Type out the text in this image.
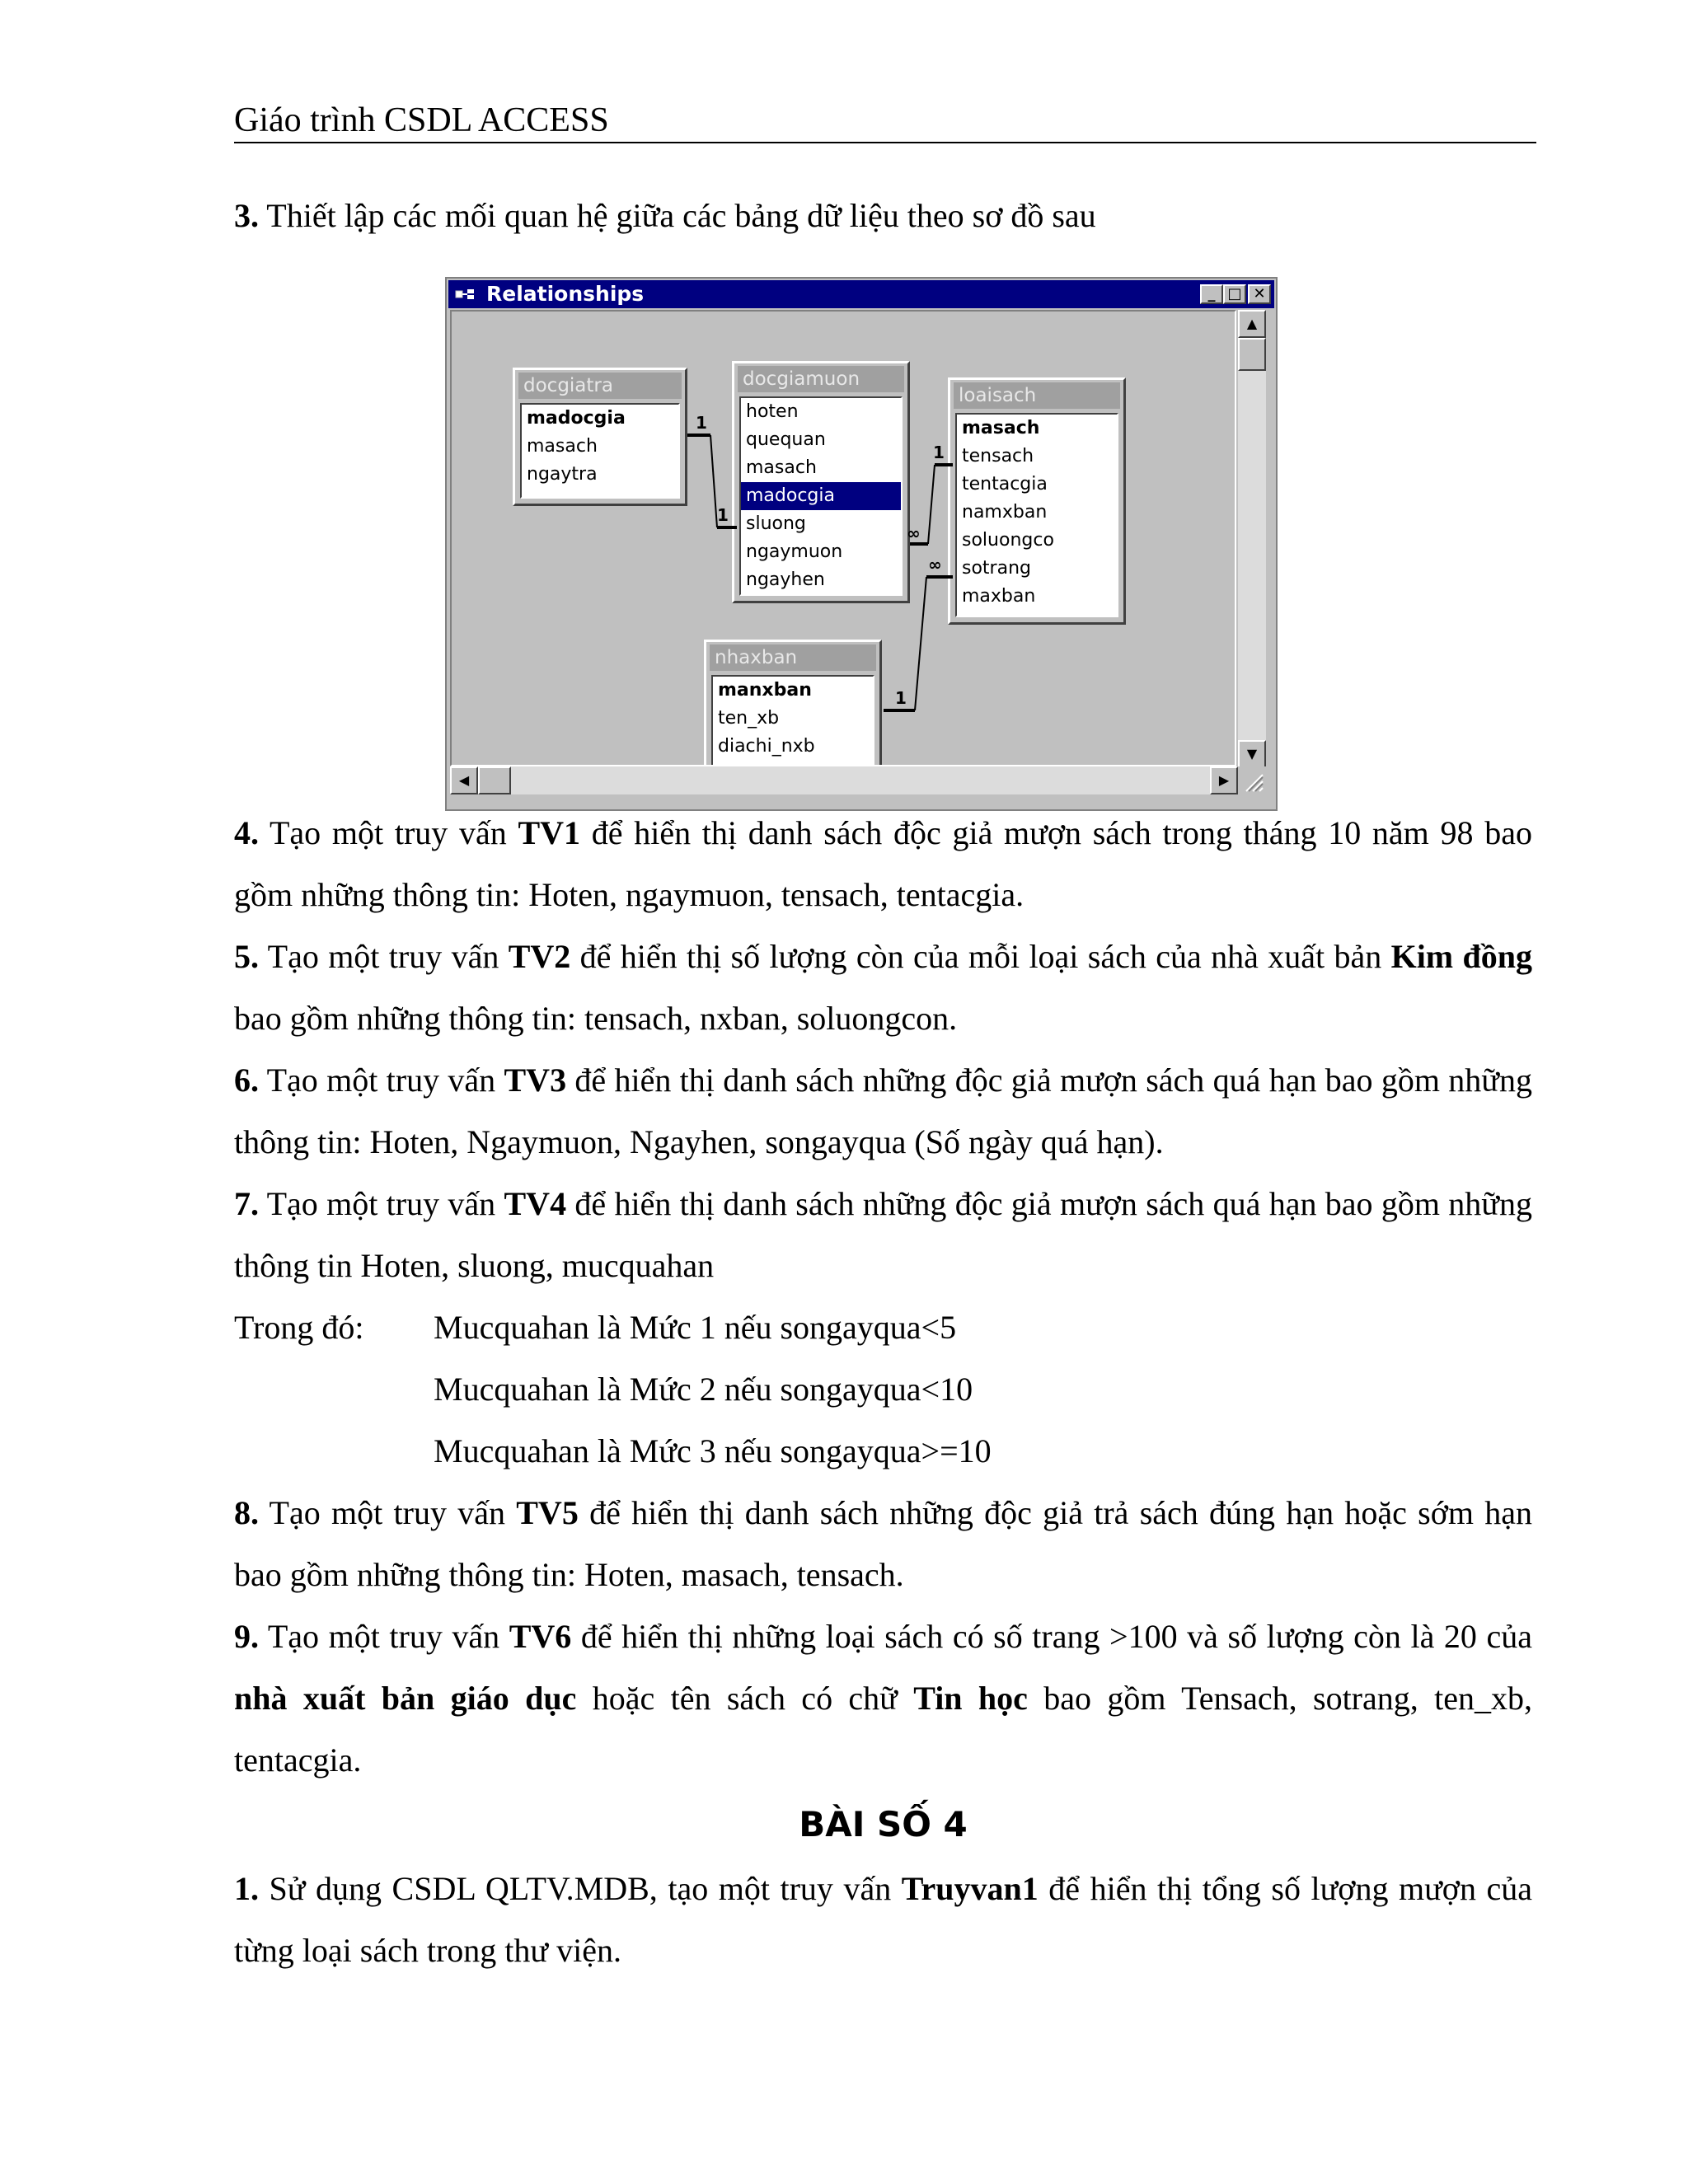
Giáo trình CSDL ACCESS
3. Thiết lập các mối quan hệ giữa các bảng dữ liệu theo sơ đồ sau
Relationships	_ □ ✕
docgiatra
madocgia
masach
ngaytra
docgiamuon
hoten
quequan
masach
madocgia
sluong
ngaymuon
ngayhen
loaisach
masach
tensach
tentacgia
namxban
soluongco
sotrang
maxban
nhaxban
manxban
ten_xb
diachi_nxb
1
1
∞
1
∞
1
▲
▼
◀	▶
4. Tạo một truy vấn TV1 để hiển thị danh sách độc giả mượn sách trong tháng 10 năm 98 bao gồm những thông tin: Hoten, ngaymuon, tensach, tentacgia.
5. Tạo một truy vấn TV2 để hiển thị số lượng còn của mỗi loại sách của nhà xuất bản Kim đồng bao gồm những thông tin: tensach, nxban, soluongcon.
6. Tạo một truy vấn TV3 để hiển thị danh sách những độc giả mượn sách quá hạn bao gồm những thông tin: Hoten, Ngaymuon, Ngayhen, songayqua (Số ngày quá hạn).
7. Tạo một truy vấn TV4 để hiển thị danh sách những độc giả mượn sách quá hạn bao gồm những thông tin Hoten, sluong, mucquahan
Trong đó: Mucquahan là Mức 1 nếu songayqua<5
Mucquahan là Mức 2 nếu songayqua<10
Mucquahan là Mức 3 nếu songayqua>=10
8. Tạo một truy vấn TV5 để hiển thị danh sách những độc giả trả sách đúng hạn hoặc sớm hạn bao gồm những thông tin: Hoten, masach, tensach.
9. Tạo một truy vấn TV6 để hiển thị những loại sách có số trang >100 và số lượng còn là 20 của nhà xuất bản giáo dục hoặc tên sách có chữ Tin học bao gồm Tensach, sotrang, ten_xb, tentacgia.
BÀI SỐ 4
1. Sử dụng CSDL QLTV.MDB, tạo một truy vấn Truyvan1 để hiển thị tổng số lượng mượn của từng loại sách trong thư viện.
